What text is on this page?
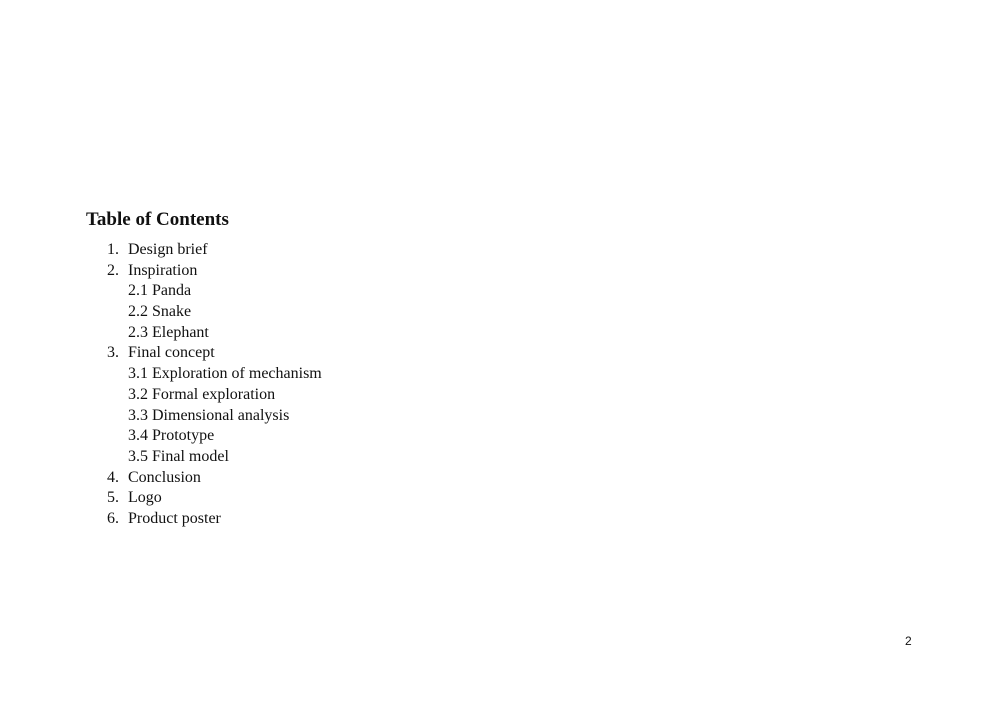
Table of Contents
1. Design brief
2. Inspiration
2.1 Panda
2.2 Snake
2.3 Elephant
3. Final concept
3.1 Exploration of mechanism
3.2 Formal exploration
3.3 Dimensional analysis
3.4 Prototype
3.5 Final model
4. Conclusion
5. Logo
6. Product poster
2
